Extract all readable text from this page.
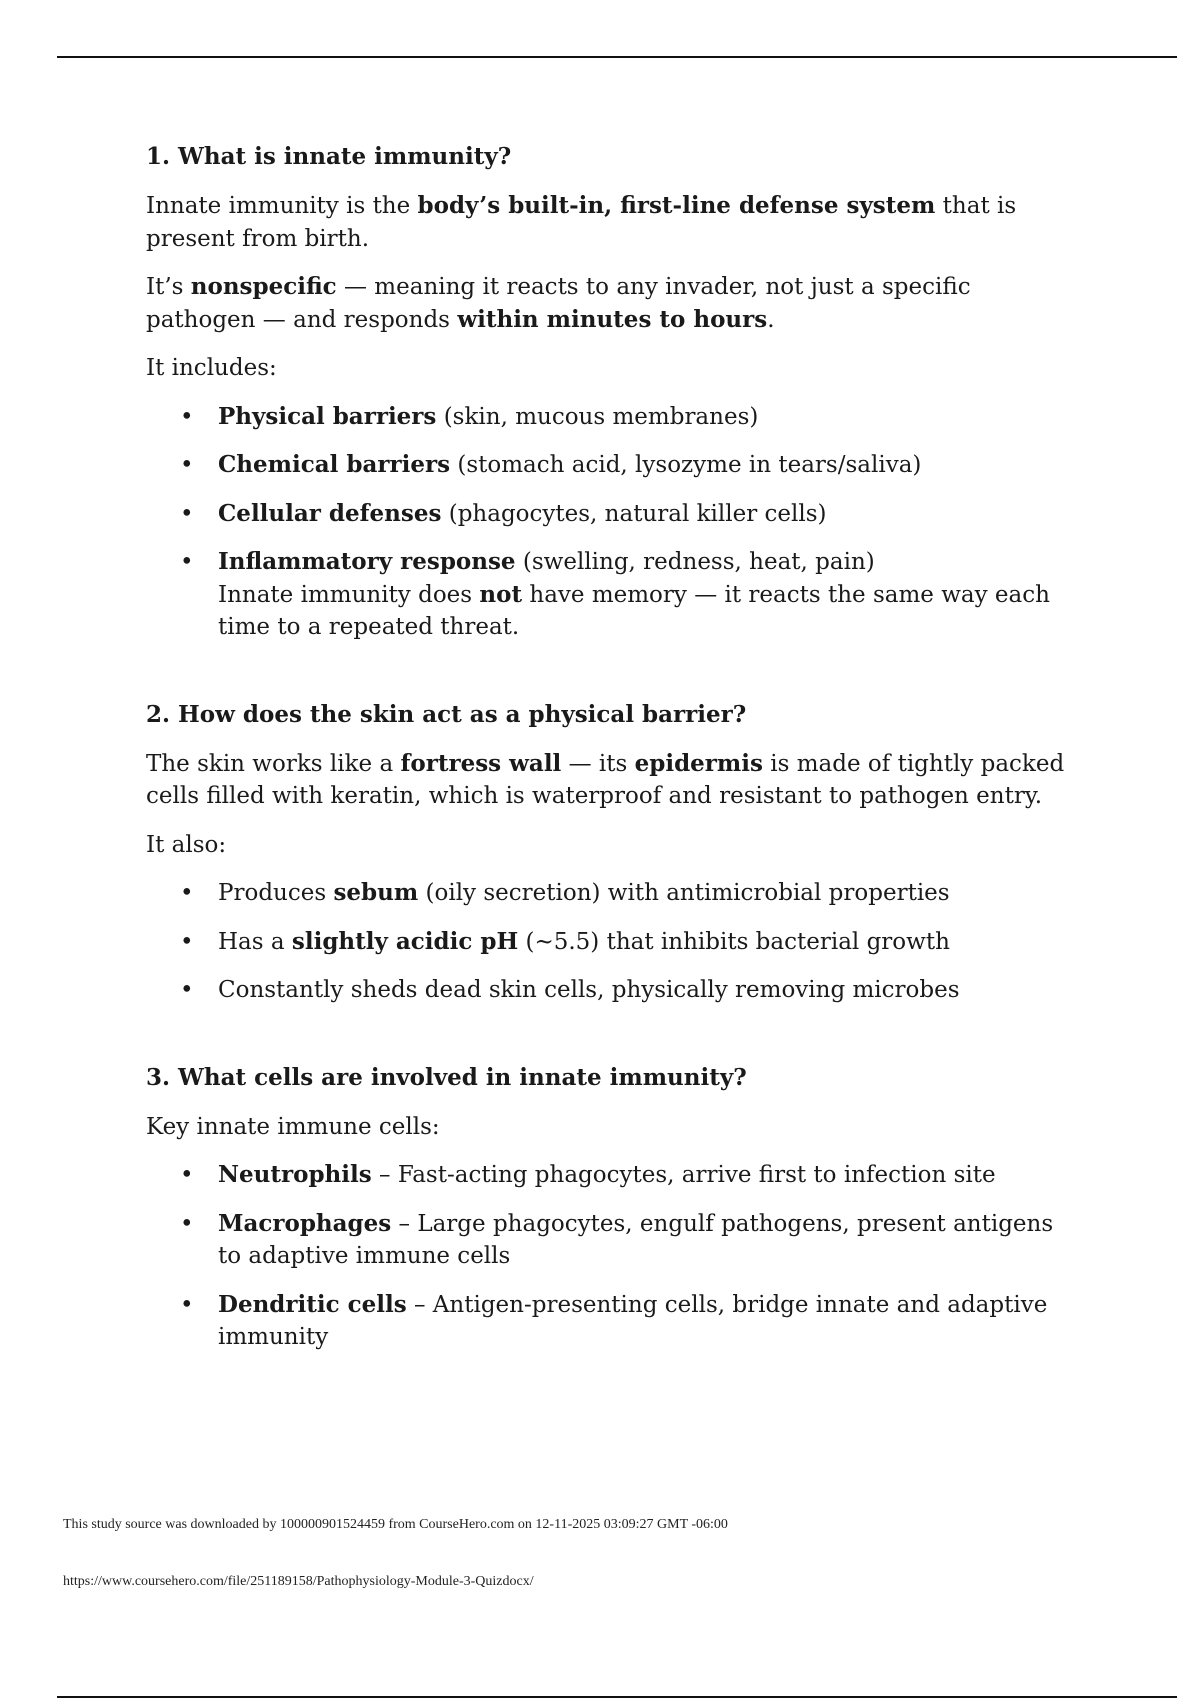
1. What is innate immunity?

Innate immunity is the body’s built-in, first-line defense system that is present from birth.

It’s nonspecific — meaning it reacts to any invader, not just a specific pathogen — and responds within minutes to hours.

It includes:

• Physical barriers (skin, mucous membranes)
• Chemical barriers (stomach acid, lysozyme in tears/saliva)
• Cellular defenses (phagocytes, natural killer cells)
• Inflammatory response (swelling, redness, heat, pain)
Innate immunity does not have memory — it reacts the same way each time to a repeated threat.
2. How does the skin act as a physical barrier?

The skin works like a fortress wall — its epidermis is made of tightly packed cells filled with keratin, which is waterproof and resistant to pathogen entry.

It also:

• Produces sebum (oily secretion) with antimicrobial properties
• Has a slightly acidic pH (~5.5) that inhibits bacterial growth
• Constantly sheds dead skin cells, physically removing microbes
3. What cells are involved in innate immunity?

Key innate immune cells:

• Neutrophils – Fast-acting phagocytes, arrive first to infection site
• Macrophages – Large phagocytes, engulf pathogens, present antigens to adaptive immune cells
• Dendritic cells – Antigen-presenting cells, bridge innate and adaptive immunity
This study source was downloaded by 100000901524459 from CourseHero.com on 12-11-2025 03:09:27 GMT -06:00
https://www.coursehero.com/file/251189158/Pathophysiology-Module-3-Quizdocx/
